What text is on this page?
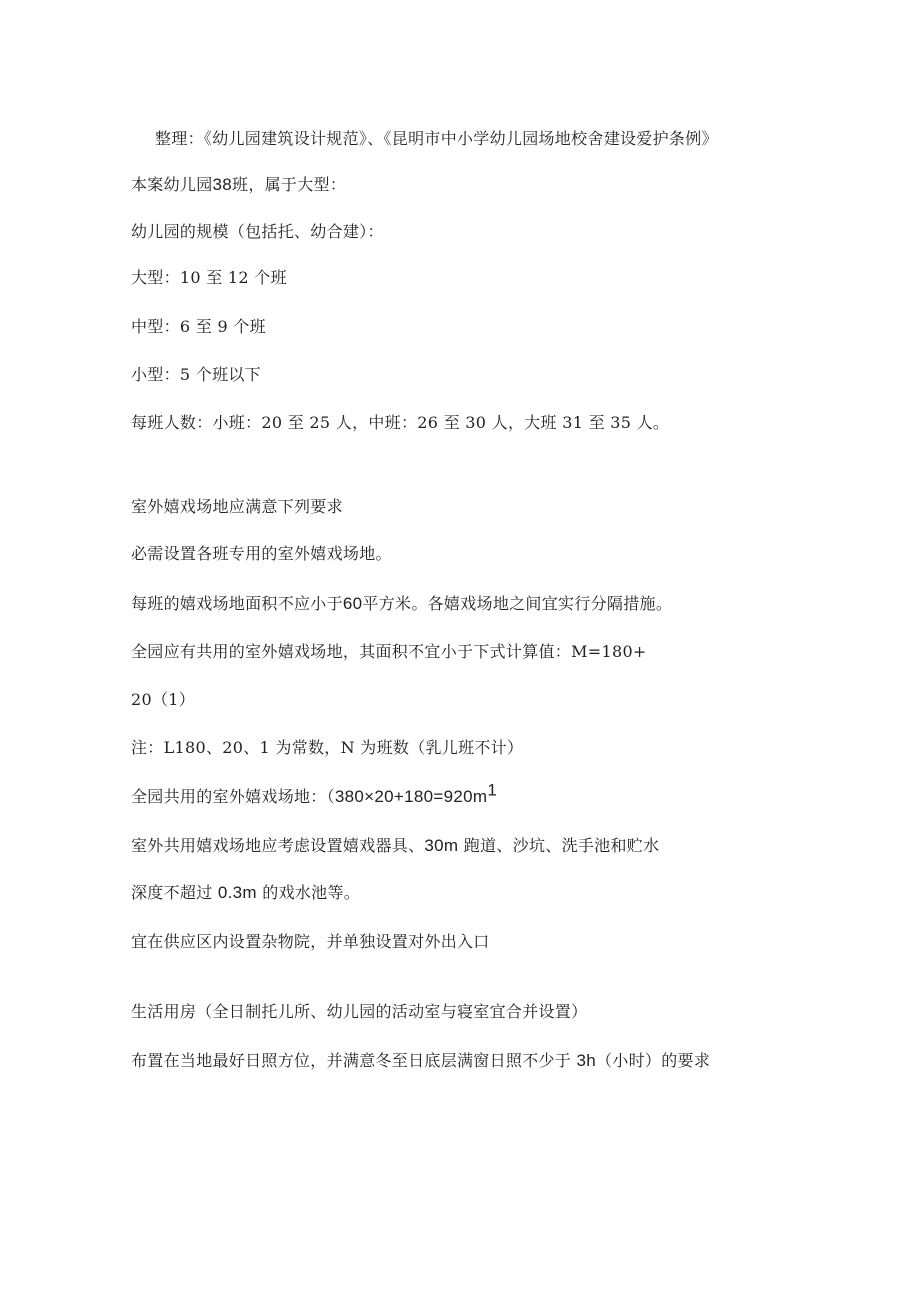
整理：《幼儿园建筑设计规范》、《昆明市中小学幼儿园场地校舍建设爱护条例》
本案幼儿园38班，属于大型：
幼儿园的规模（包括托、幼合建）：
大型：10 至 12 个班
中型：6 至 9 个班
小型：5 个班以下
每班人数：小班：20 至 25 人，中班：26 至 30 人，大班 31 至 35 人。
室外嬉戏场地应满意下列要求
必需设置各班专用的室外嬉戏场地。
每班的嬉戏场地面积不应小于60平方米。各嬉戏场地之间宜实行分隔措施。
全园应有共用的室外嬉戏场地，其面积不宜小于下式计算值：M=180+
20（1）
注：L180、20、1 为常数，N 为班数（乳儿班不计）
全园共用的室外嬉戏场地：（$380\times 20+180=920m^1$
室外共用嬉戏场地应考虑设置嬉戏器具、30m 跑道、沙坑、洗手池和贮水
深度不超过 0.3m 的戏水池等。
宜在供应区内设置杂物院，并单独设置对外出入口
生活用房（全日制托儿所、幼儿园的活动室与寝室宜合并设置）
布置在当地最好日照方位，并满意冬至日底层满窗日照不少于 3h（小时）的要求
